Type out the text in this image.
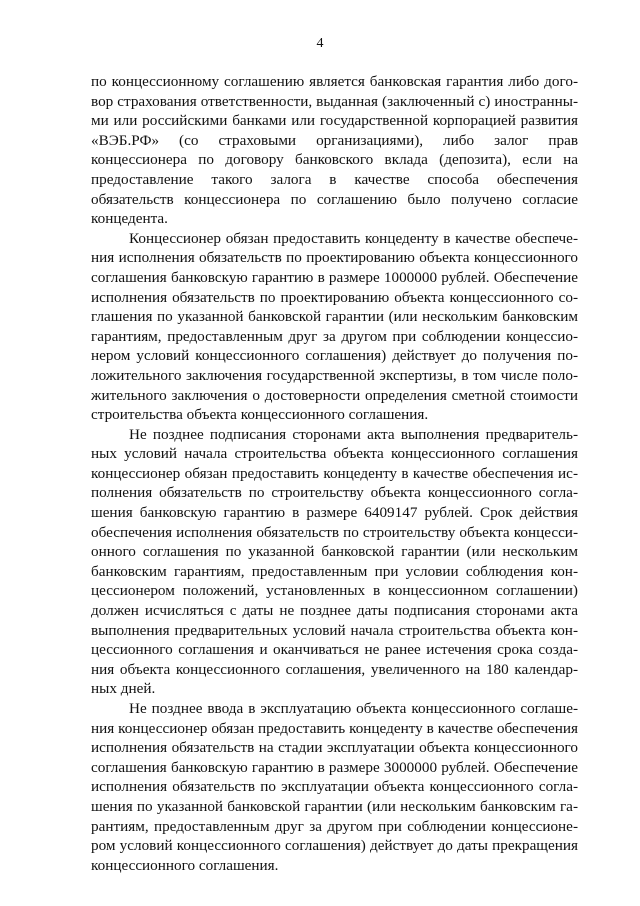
4

по концессионному соглашению является банковская гарантия либо договор страхования ответственности, выданная (заключенный с) иностранными или российскими банками или государственной корпорацией развития «ВЭБ.РФ» (со страховыми организациями), либо залог прав концессионера по договору банковского вклада (депозита), если на предоставление такого залога в качестве способа обеспечения обязательств концессионера по соглашению было получено согласие концедента.

Концессионер обязан предоставить концеденту в качестве обеспечения исполнения обязательств по проектированию объекта концессионного соглашения банковскую гарантию в размере 1000000 рублей. Обеспечение исполнения обязательств по проектированию объекта концессионного соглашения по указанной банковской гарантии (или нескольким банковским гарантиям, предоставленным друг за другом при соблюдении концессионером условий концессионного соглашения) действует до получения положительного заключения государственной экспертизы, в том числе положительного заключения о достоверности определения сметной стоимости строительства объекта концессионного соглашения.

Не позднее подписания сторонами акта выполнения предварительных условий начала строительства объекта концессионного соглашения концессионер обязан предоставить концеденту в качестве обеспечения исполнения обязательств по строительству объекта концессионного соглашения банковскую гарантию в размере 6409147 рублей. Срок действия обеспечения исполнения обязательств по строительству объекта концессионного соглашения по указанной банковской гарантии (или нескольким банковским гарантиям, предоставленным при условии соблюдения концессионером положений, установленных в концессионном соглашении) должен исчисляться с даты не позднее даты подписания сторонами акта выполнения предварительных условий начала строительства объекта концессионного соглашения и оканчиваться не ранее истечения срока создания объекта концессионного соглашения, увеличенного на 180 календарных дней.

Не позднее ввода в эксплуатацию объекта концессионного соглашения концессионер обязан предоставить концеденту в качестве обеспечения исполнения обязательств на стадии эксплуатации объекта концессионного соглашения банковскую гарантию в размере 3000000 рублей. Обеспечение исполнения обязательств по эксплуатации объекта концессионного соглашения по указанной банковской гарантии (или нескольким банковским гарантиям, предоставленным друг за другом при соблюдении концессионером условий концессионного соглашения) действует до даты прекращения концессионного соглашения.
